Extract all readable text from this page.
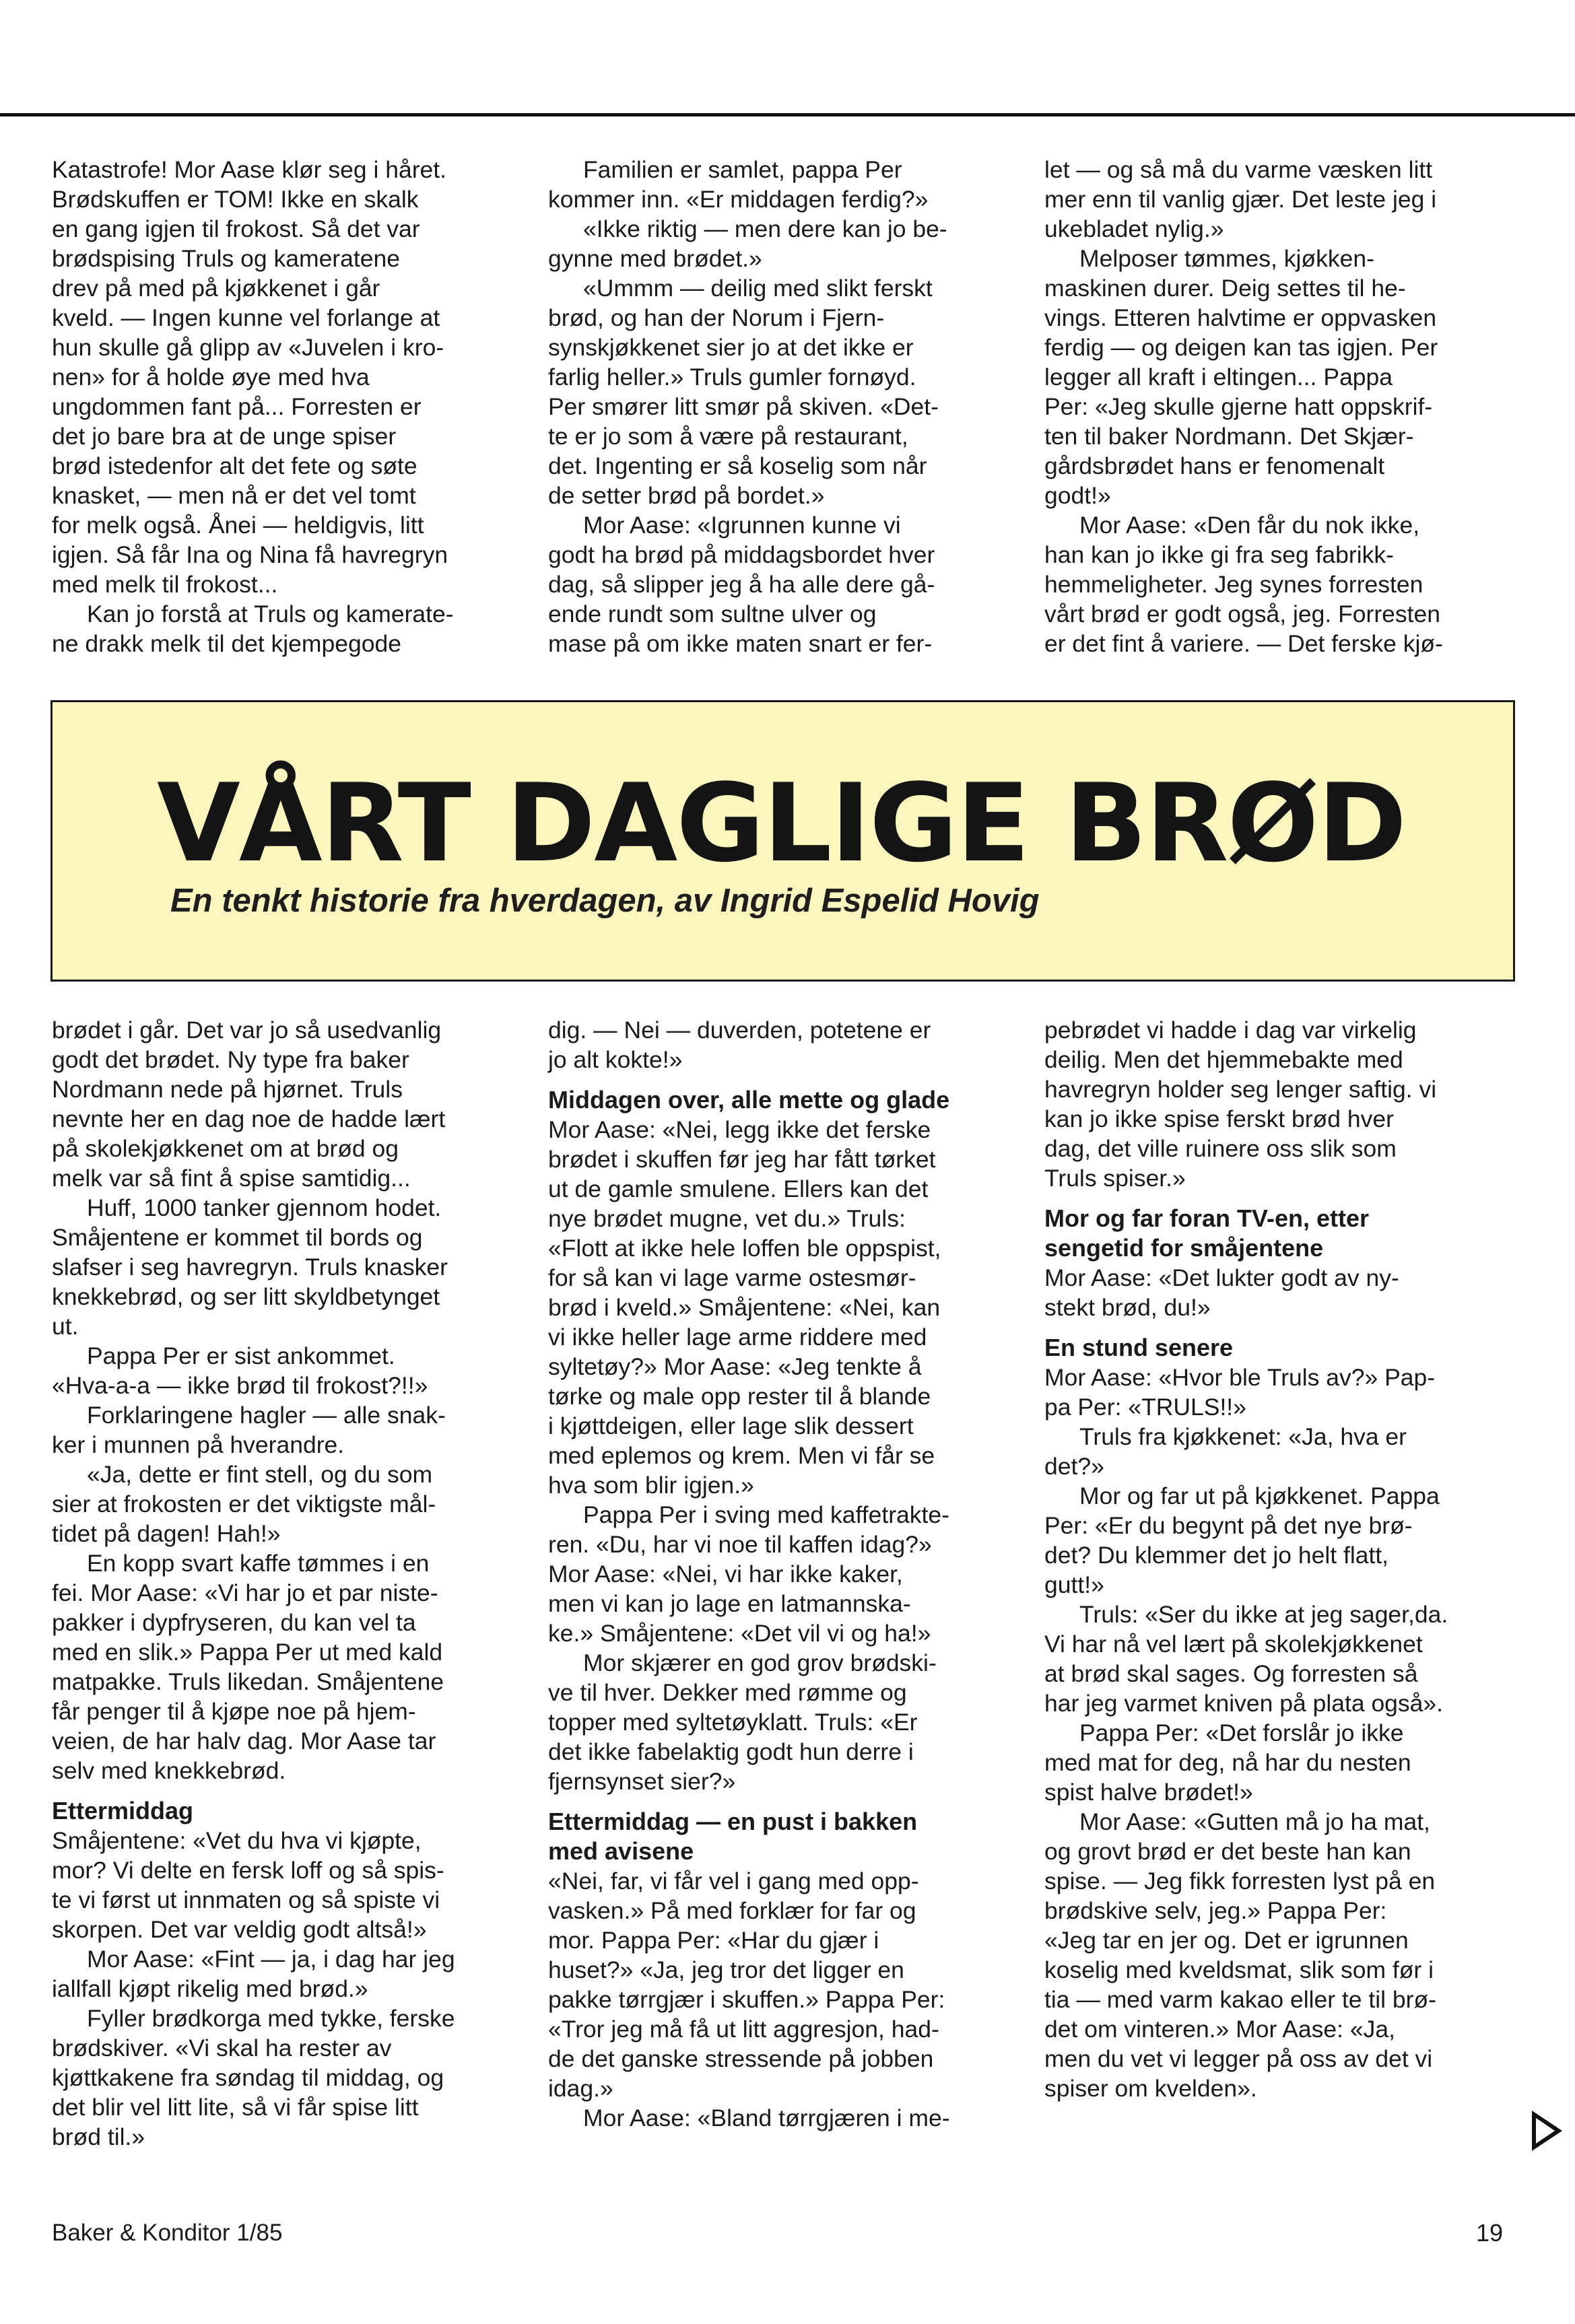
Katastrofe! Mor Aase klør seg i håret.
Brødskuffen er TOM! Ikke en skalk
en gang igjen til frokost. Så det var
brødspising Truls og kameratene
drev på med på kjøkkenet i går
kveld. — Ingen kunne vel forlange at
hun skulle gå glipp av «Juvelen i kro-
nen» for å holde øye med hva
ungdommen fant på... Forresten er
det jo bare bra at de unge spiser
brød istedenfor alt det fete og søte
knasket, — men nå er det vel tomt
for melk også. Ånei — heldigvis, litt
igjen. Så får Ina og Nina få havregryn
med melk til frokost...

Kan jo forstå at Truls og kamerate-
ne drakk melk til det kjempegode

Familien er samlet, pappa Per
kommer inn. «Er middagen ferdig?»

«Ikke riktig — men dere kan jo be-
gynne med brødet.»

«Ummm — deilig med slikt ferskt
brød, og han der Norum i Fjern-
synskjøkkenet sier jo at det ikke er
farlig heller.» Truls gumler fornøyd.
Per smører litt smør på skiven. «Det-
te er jo som å være på restaurant,
det. Ingenting er så koselig som når
de setter brød på bordet.»

Mor Aase: «Igrunnen kunne vi
godt ha brød på middagsbordet hver
dag, så slipper jeg å ha alle dere gå-
ende rundt som sultne ulver og
mase på om ikke maten snart er fer-

let — og så må du varme væsken litt
mer enn til vanlig gjær. Det leste jeg i
ukebladet nylig.»

Melposer tømmes, kjøkken-
maskinen durer. Deig settes til he-
vings. Etteren halvtime er oppvasken
ferdig — og deigen kan tas igjen. Per
legger all kraft i eltingen... Pappa
Per: «Jeg skulle gjerne hatt oppskrif-
ten til baker Nordmann. Det Skjær-
gårdsbrødet hans er fenomenalt
godt!»

Mor Aase: «Den får du nok ikke,
han kan jo ikke gi fra seg fabrikk-
hemmeligheter. Jeg synes forresten
vårt brød er godt også, jeg. Forresten
er det fint å variere. — Det ferske kjø-

VÅRT DAGLIGE BRØD

En tenkt historie fra hverdagen, av Ingrid Espelid Hovig

brødet i går. Det var jo så usedvanlig
godt det brødet. Ny type fra baker
Nordmann nede på hjørnet. Truls
nevnte her en dag noe de hadde lært
på skolekjøkkenet om at brød og
melk var så fint å spise samtidig...

Huff, 1000 tanker gjennom hodet.
Småjentene er kommet til bords og
slafser i seg havregryn. Truls knasker
knekkebrød, og ser litt skyldbetynget
ut.

Pappa Per er sist ankommet.
«Hva-a-a — ikke brød til frokost?!!»

Forklaringene hagler — alle snak-
ker i munnen på hverandre.

«Ja, dette er fint stell, og du som
sier at frokosten er det viktigste mål-
tidet på dagen! Hah!»

En kopp svart kaffe tømmes i en
fei. Mor Aase: «Vi har jo et par niste-
pakker i dypfryseren, du kan vel ta
med en slik.» Pappa Per ut med kald
matpakke. Truls likedan. Småjentene
får penger til å kjøpe noe på hjem-
veien, de har halv dag. Mor Aase tar
selv med knekkebrød.

Ettermiddag

Småjentene: «Vet du hva vi kjøpte,
mor? Vi delte en fersk loff og så spis-
te vi først ut innmaten og så spiste vi
skorpen. Det var veldig godt altså!»

Mor Aase: «Fint — ja, i dag har jeg
iallfall kjøpt rikelig med brød.»

Fyller brødkorga med tykke, ferske
brødskiver. «Vi skal ha rester av
kjøttkakene fra søndag til middag, og
det blir vel litt lite, så vi får spise litt
brød til.»

dig. — Nei — duverden, potetene er
jo alt kokte!»

Middagen over, alle mette og glade

Mor Aase: «Nei, legg ikke det ferske
brødet i skuffen før jeg har fått tørket
ut de gamle smulene. Ellers kan det
nye brødet mugne, vet du.» Truls:
«Flott at ikke hele loffen ble oppspist,
for så kan vi lage varme ostesmør-
brød i kveld.» Småjentene: «Nei, kan
vi ikke heller lage arme riddere med
syltetøy?» Mor Aase: «Jeg tenkte å
tørke og male opp rester til å blande
i kjøttdeigen, eller lage slik dessert
med eplemos og krem. Men vi får se
hva som blir igjen.»

Pappa Per i sving med kaffetrakte-
ren. «Du, har vi noe til kaffen idag?»
Mor Aase: «Nei, vi har ikke kaker,
men vi kan jo lage en latmannska-
ke.» Småjentene: «Det vil vi og ha!»

Mor skjærer en god grov brødski-
ve til hver. Dekker med rømme og
topper med syltetøyklatt. Truls: «Er
det ikke fabelaktig godt hun derre i
fjernsynset sier?»

Ettermiddag — en pust i bakken
med avisene

«Nei, far, vi får vel i gang med opp-
vasken.» På med forklær for far og
mor. Pappa Per: «Har du gjær i
huset?» «Ja, jeg tror det ligger en
pakke tørrgjær i skuffen.» Pappa Per:
«Tror jeg må få ut litt aggresjon, had-
de det ganske stressende på jobben
idag.»

Mor Aase: «Bland tørrgjæren i me-

pebrødet vi hadde i dag var virkelig
deilig. Men det hjemmebakte med
havregryn holder seg lenger saftig. vi
kan jo ikke spise ferskt brød hver
dag, det ville ruinere oss slik som
Truls spiser.»

Mor og far foran TV-en, etter
sengetid for småjentene

Mor Aase: «Det lukter godt av ny-
stekt brød, du!»

En stund senere

Mor Aase: «Hvor ble Truls av?» Pap-
pa Per: «TRULS!!»

Truls fra kjøkkenet: «Ja, hva er
det?»

Mor og far ut på kjøkkenet. Pappa
Per: «Er du begynt på det nye brø-
det? Du klemmer det jo helt flatt,
gutt!»

Truls: «Ser du ikke at jeg sager,da.
Vi har nå vel lært på skolekjøkkenet
at brød skal sages. Og forresten så
har jeg varmet kniven på plata også».

Pappa Per: «Det forslår jo ikke
med mat for deg, nå har du nesten
spist halve brødet!»

Mor Aase: «Gutten må jo ha mat,
og grovt brød er det beste han kan
spise. — Jeg fikk forresten lyst på en
brødskive selv, jeg.» Pappa Per:
«Jeg tar en jer og. Det er igrunnen
koselig med kveldsmat, slik som før i
tia — med varm kakao eller te til brø-
det om vinteren.» Mor Aase: «Ja,
men du vet vi legger på oss av det vi
spiser om kvelden».

Baker & Konditor 1/85	19
